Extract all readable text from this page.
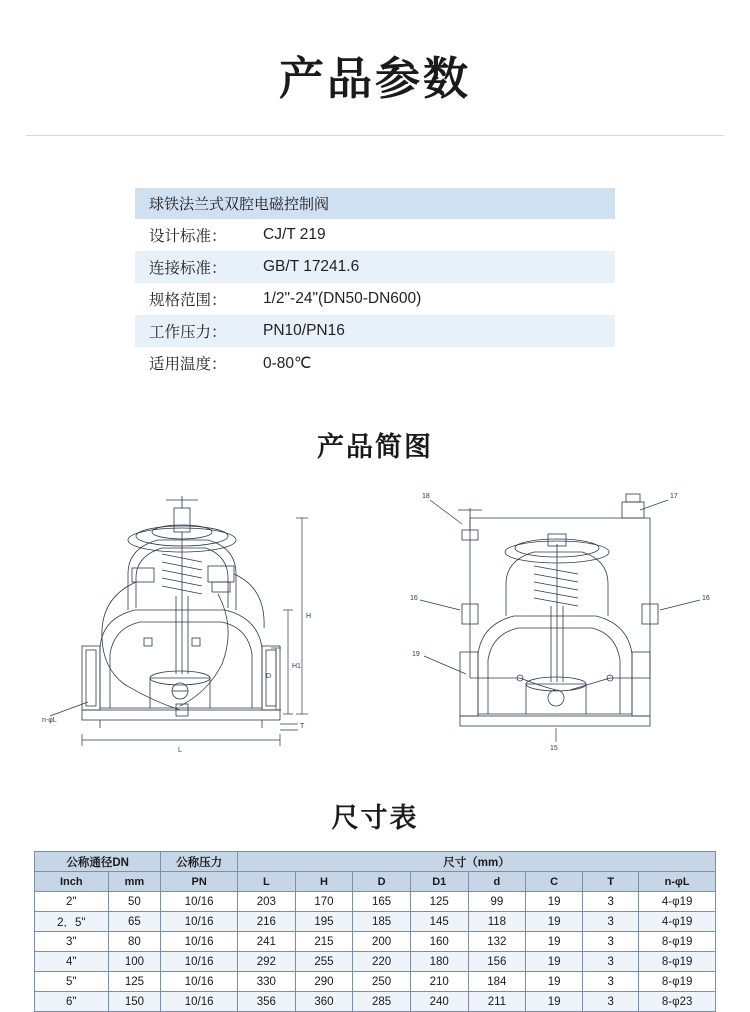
产品参数
球铁法兰式双腔电磁控制阀	
设计标准：	CJ/T 219
连接标准：	GB/T 17241.6
规格范围：	1/2"-24"(DN50-DN600)
工作压力：	PN10/PN16
适用温度：	0-80℃
产品简图
H
H1
n-φL
L
T
D
18	17
16	16
19
15
尺寸表
公称通径DN		公称压力	尺寸（mm）							
Inch	mm	PN	L	H	D	D1	d	C	T	n-φL
2"	50	10/16	203	170	165	125	99	19	3	4-φ19
2．5"	65	10/16	216	195	185	145	118	19	3	4-φ19
3"	80	10/16	241	215	200	160	132	19	3	8-φ19
4"	100	10/16	292	255	220	180	156	19	3	8-φ19
5"	125	10/16	330	290	250	210	184	19	3	8-φ19
6"	150	10/16	356	360	285	240	211	19	3	8-φ23
